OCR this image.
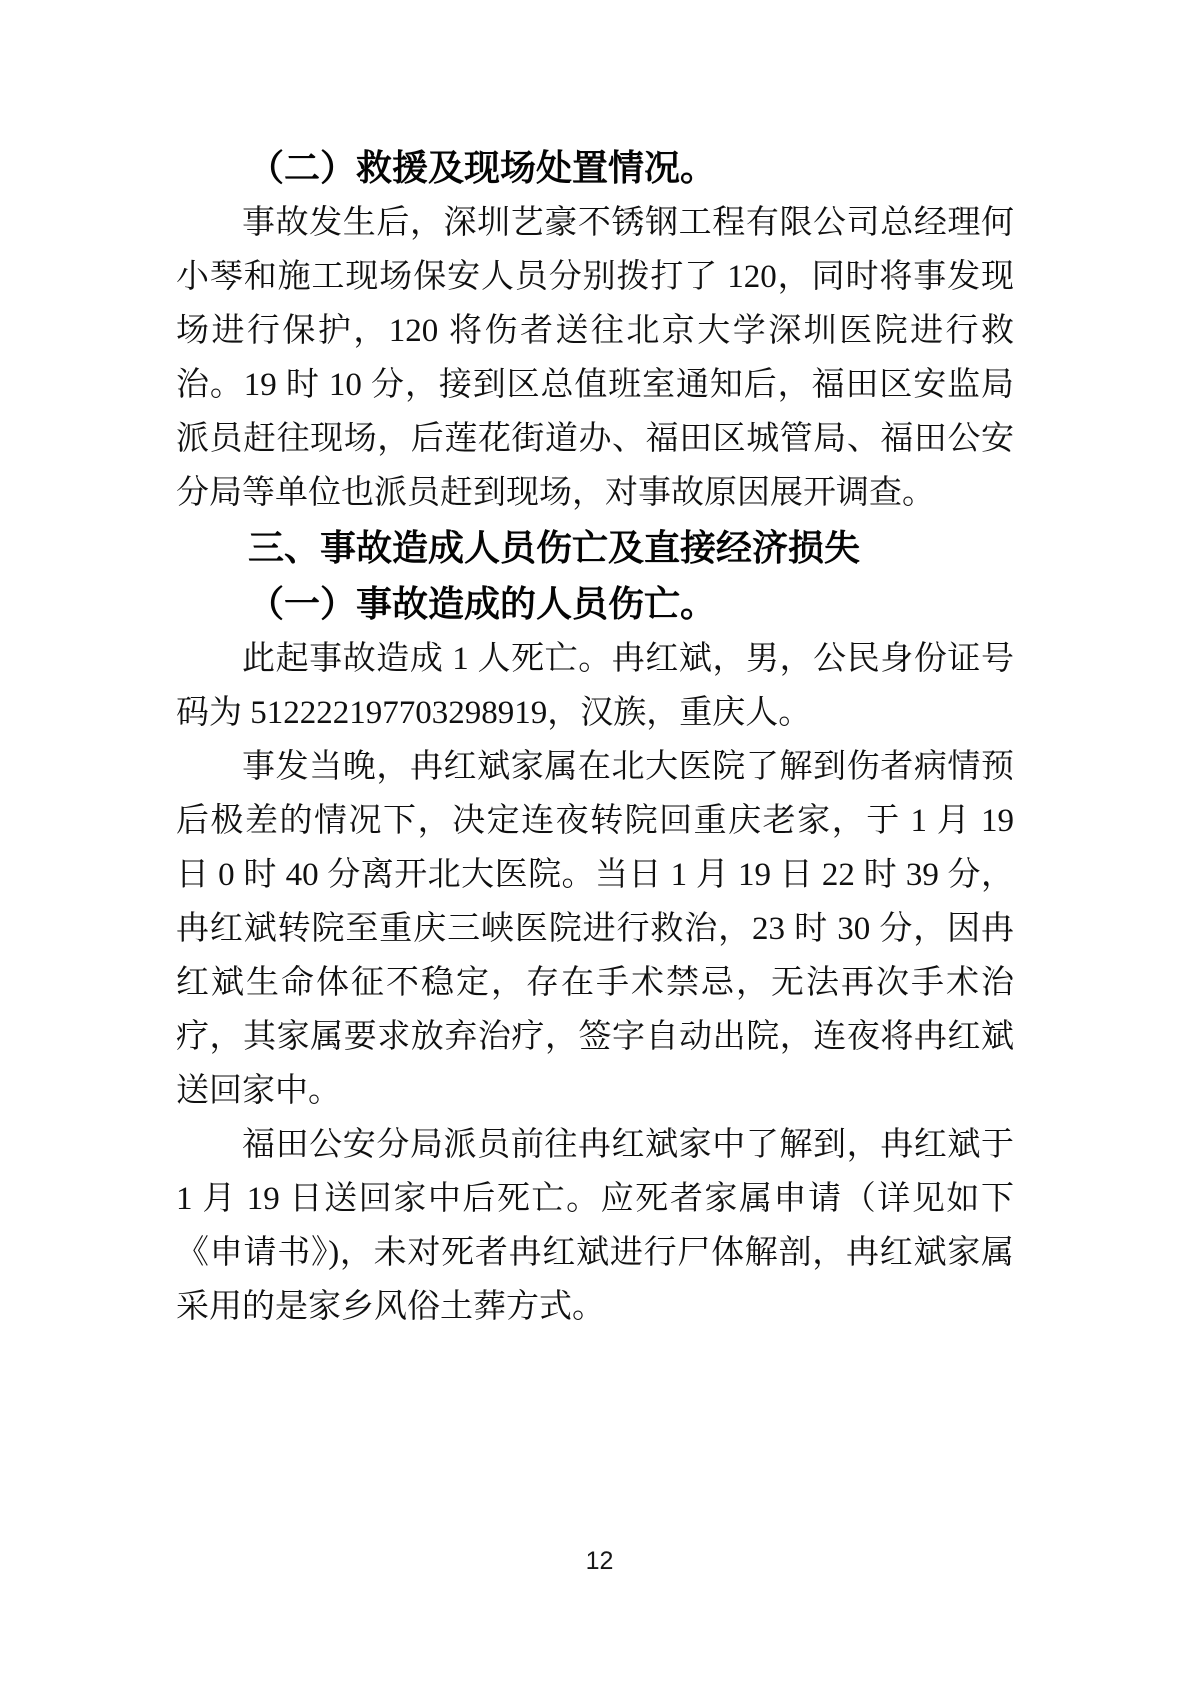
（二）救援及现场处置情况。

事故发生后，深圳艺豪不锈钢工程有限公司总经理何小琴和施工现场保安人员分别拨打了 120，同时将事发现场进行保护，120 将伤者送往北京大学深圳医院进行救治。19 时 10 分，接到区总值班室通知后，福田区安监局派员赶往现场，后莲花街道办、福田区城管局、福田公安分局等单位也派员赶到现场，对事故原因展开调查。

三、事故造成人员伤亡及直接经济损失

（一）事故造成的人员伤亡。

此起事故造成 1 人死亡。冉红斌，男，公民身份证号码为 512222197703298919，汉族，重庆人。

事发当晚，冉红斌家属在北大医院了解到伤者病情预后极差的情况下，决定连夜转院回重庆老家，于 1 月 19 日 0 时 40 分离开北大医院。当日 1 月 19 日 22 时 39 分，冉红斌转院至重庆三峡医院进行救治，23 时 30 分，因冉红斌生命体征不稳定，存在手术禁忌，无法再次手术治疗，其家属要求放弃治疗，签字自动出院，连夜将冉红斌送回家中。

福田公安分局派员前往冉红斌家中了解到，冉红斌于 1 月 19 日送回家中后死亡。应死者家属申请（详见如下《申请书》)，未对死者冉红斌进行尸体解剖，冉红斌家属采用的是家乡风俗土葬方式。

12
